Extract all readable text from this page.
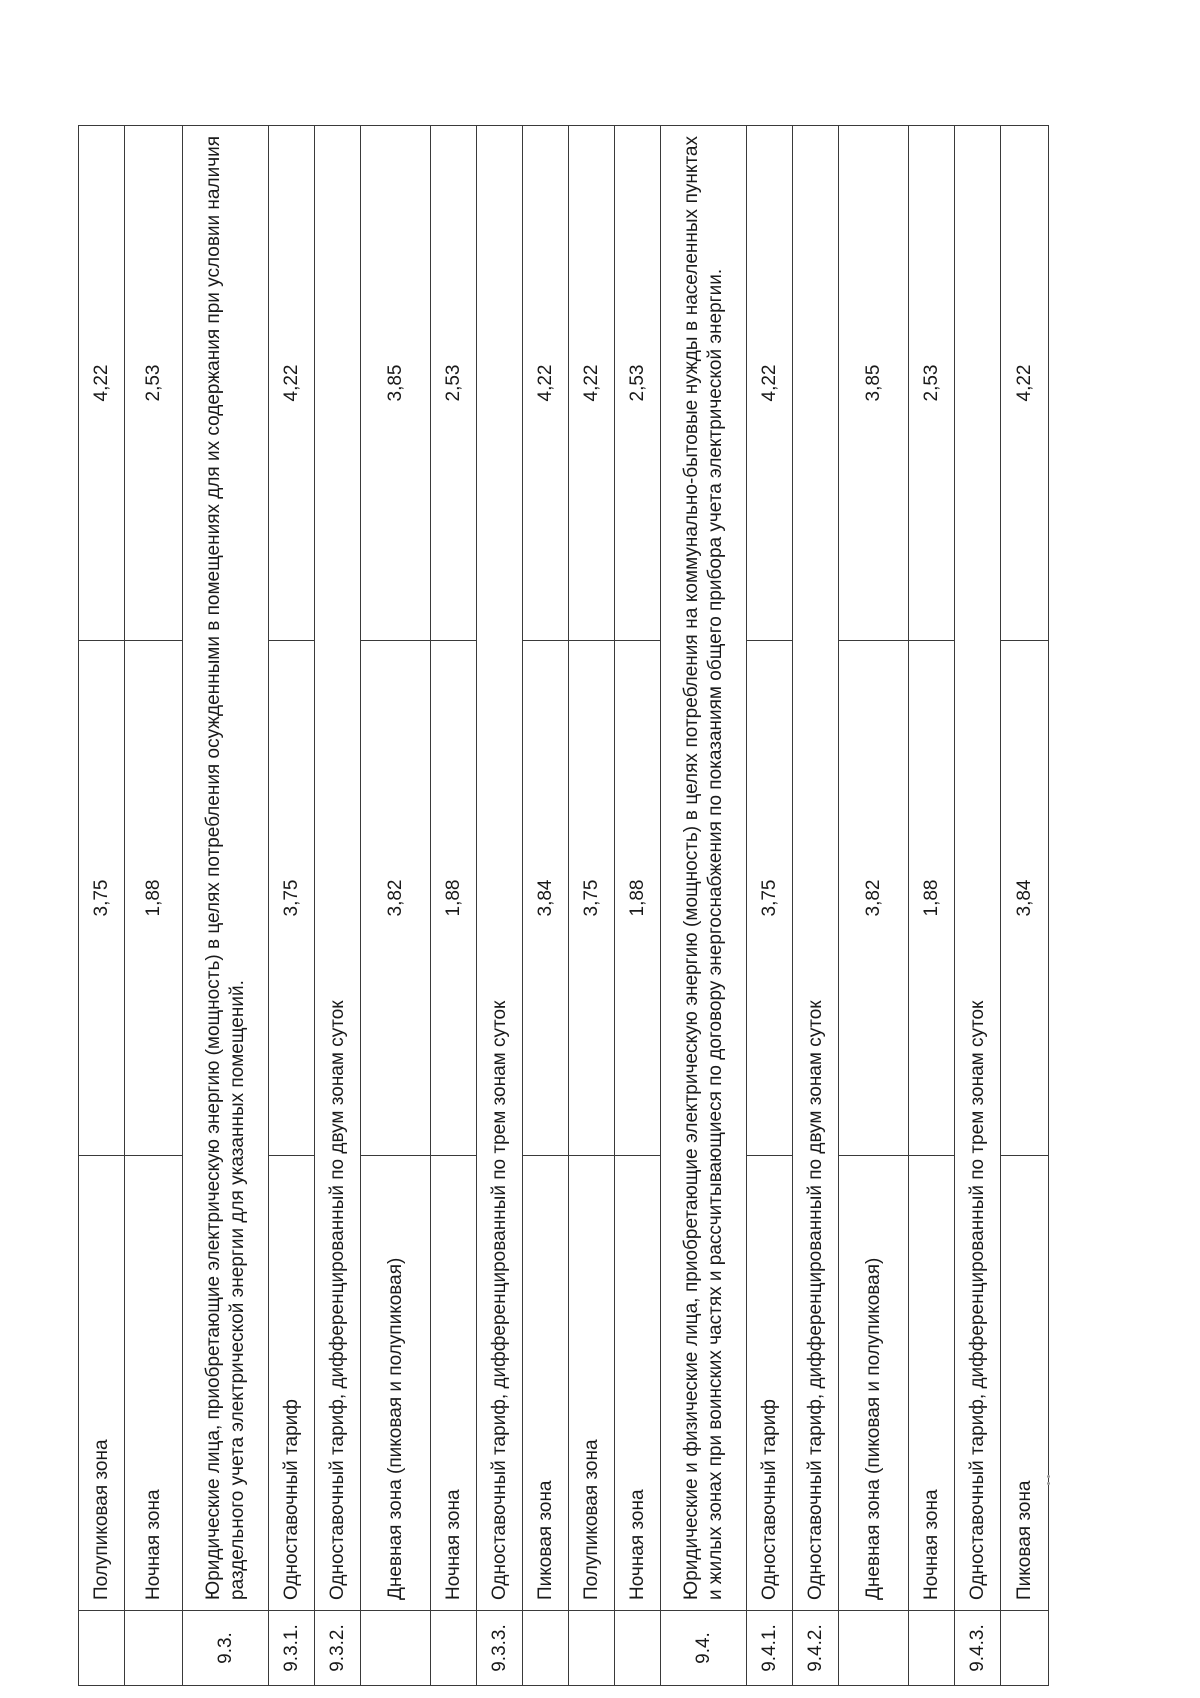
	Полупиковая зона	3,75	4,22
	Ночная зона	1,88	2,53
9.3.	Юридические лица, приобретающие электрическую энергию (мощность) в целях потребления осужденными в помещениях для их содержания при условии наличия раздельного учета электрической энергии для указанных помещений.		
9.3.1.	Одноставочный тариф	3,75	4,22
9.3.2.	Одноставочный тариф, дифференцированный по двум зонам суток		
	Дневная зона (пиковая и полупиковая)	3,82	3,85
	Ночная зона	1,88	2,53
9.3.3.	Одноставочный тариф, дифференцированный по трем зонам суток		
	Пиковая зона	3,84	4,22
	Полупиковая зона	3,75	4,22
	Ночная зона	1,88	2,53
9.4.	Юридические и физические лица, приобретающие электрическую энергию (мощность) в целях потребления на коммунально-бытовые нужды в населенных пунктах и жилых зонах при воинских частях и рассчитывающиеся по договору энергоснабжения по показаниям общего прибора учета электрической энергии.		
9.4.1.	Одноставочный тариф	3,75	4,22
9.4.2.	Одноставочный тариф, дифференцированный по двум зонам суток		
	Дневная зона (пиковая и полупиковая)	3,82	3,85
	Ночная зона	1,88	2,53
9.4.3.	Одноставочный тариф, дифференцированный по трем зонам суток		
	Пиковая зона	3,84	4,22
